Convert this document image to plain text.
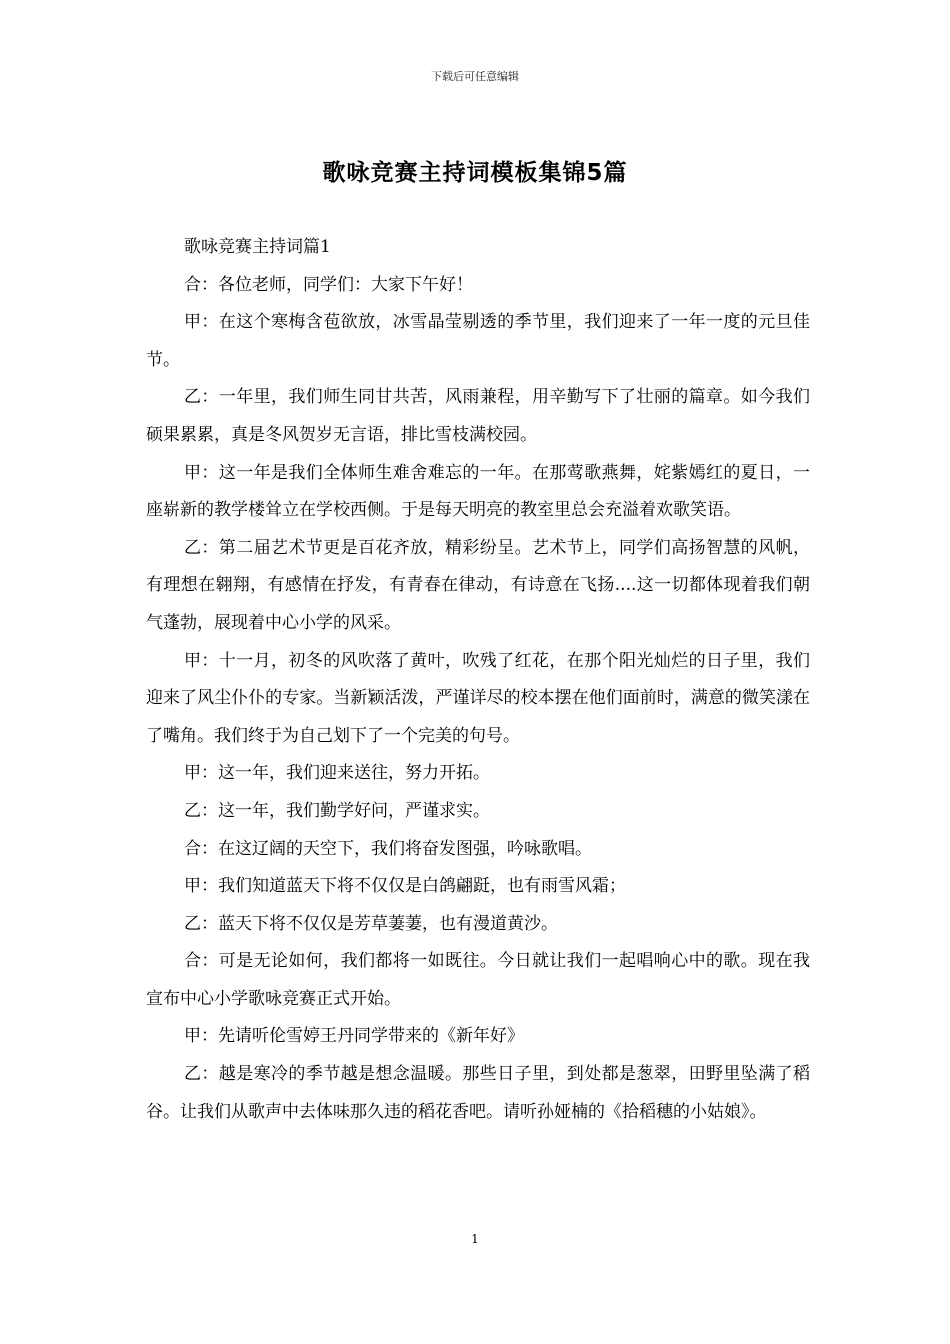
下载后可任意编辑
歌咏竞赛主持词模板集锦5篇

歌咏竞赛主持词篇1

合：各位老师，同学们：大家下午好！

甲：在这个寒梅含苞欲放，冰雪晶莹剔透的季节里，我们迎来了一年一度的元旦佳节。

乙：一年里，我们师生同甘共苦，风雨兼程，用辛勤写下了壮丽的篇章。如今我们硕果累累，真是冬风贺岁无言语，排比雪枝满校园。

甲：这一年是我们全体师生难舍难忘的一年。在那莺歌燕舞，姹紫嫣红的夏日，一座崭新的教学楼耸立在学校西侧。于是每天明亮的教室里总会充溢着欢歌笑语。

乙：第二届艺术节更是百花齐放，精彩纷呈。艺术节上，同学们高扬智慧的风帆，有理想在翱翔，有感情在抒发，有青春在律动，有诗意在飞扬....这一切都体现着我们朝气蓬勃，展现着中心小学的风采。

甲：十一月，初冬的风吹落了黄叶，吹残了红花，在那个阳光灿烂的日子里，我们迎来了风尘仆仆的专家。当新颖活泼，严谨详尽的校本摆在他们面前时，满意的微笑漾在了嘴角。我们终于为自己划下了一个完美的句号。

甲：这一年，我们迎来送往，努力开拓。

乙：这一年，我们勤学好问，严谨求实。

合：在这辽阔的天空下，我们将奋发图强，吟咏歌唱。

甲：我们知道蓝天下将不仅仅是白鸽翩跹，也有雨雪风霜；

乙：蓝天下将不仅仅是芳草萋萋，也有漫道黄沙。

合：可是无论如何，我们都将一如既往。今日就让我们一起唱响心中的歌。现在我宣布中心小学歌咏竞赛正式开始。

甲：先请听伦雪婷王丹同学带来的《新年好》

乙：越是寒冷的季节越是想念温暖。那些日子里，到处都是葱翠，田野里坠满了稻谷。让我们从歌声中去体味那久违的稻花香吧。请听孙娅楠的《拾稻穗的小姑娘》。

1
